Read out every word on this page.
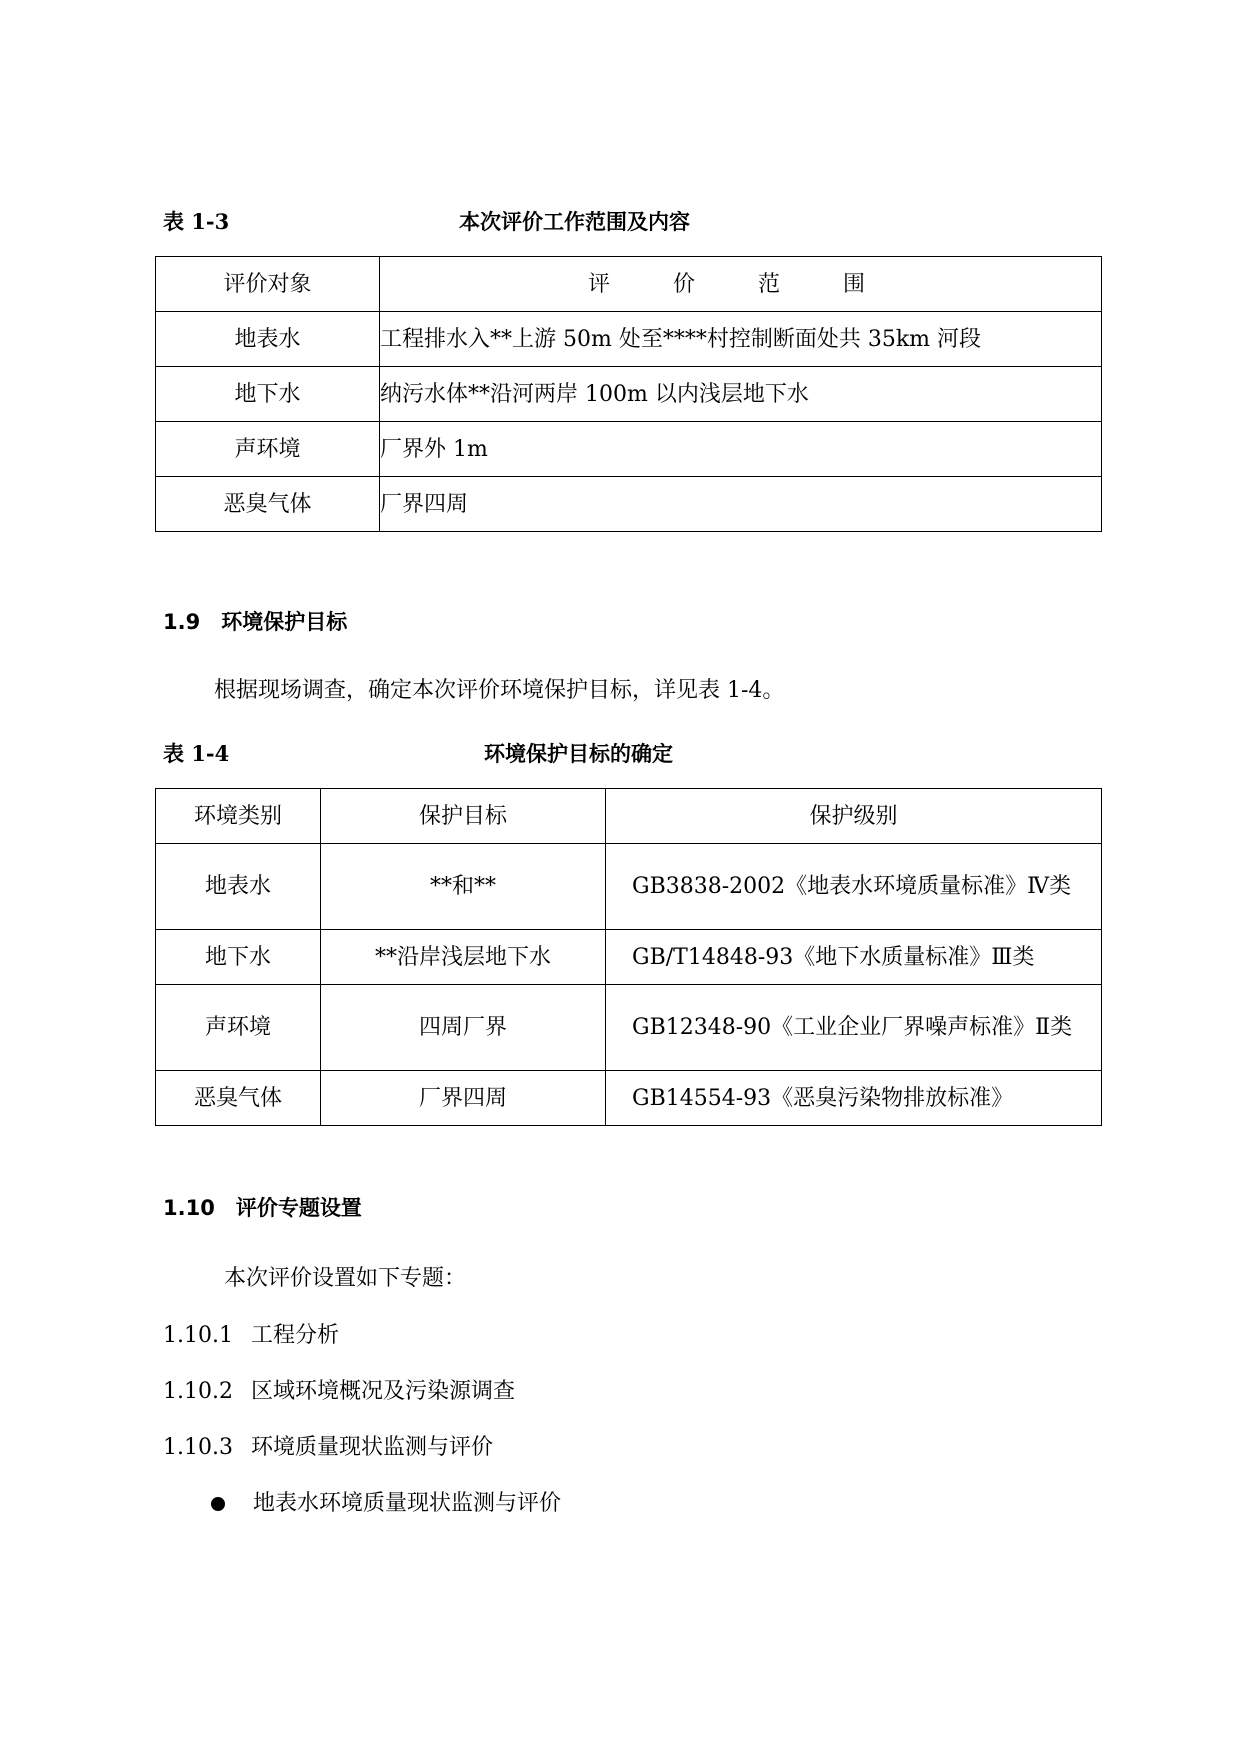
表 1-3	本次评价工作范围及内容
评价对象	评 价 范 围
地表水	工程排水入**上游 50m 处至****村控制断面处共 35km 河段
地下水	纳污水体**沿河两岸 100m 以内浅层地下水
声环境	厂界外 1m
恶臭气体	厂界四周
1.9　环境保护目标
根据现场调查，确定本次评价环境保护目标，详见表 1-4。
表 1-4	环境保护目标的确定
环境类别	保护目标	保护级别
地表水	**和**	GB3838-2002《地表水环境质量标准》Ⅳ类
地下水	**沿岸浅层地下水	GB/T14848-93《地下水质量标准》Ⅲ类
声环境	四周厂界	GB12348-90《工业企业厂界噪声标准》Ⅱ类
恶臭气体	厂界四周	GB14554-93《恶臭污染物排放标准》
1.10　评价专题设置
本次评价设置如下专题：
1.10.1 工程分析
1.10.2 区域环境概况及污染源调查
1.10.3 环境质量现状监测与评价
地表水环境质量现状监测与评价
